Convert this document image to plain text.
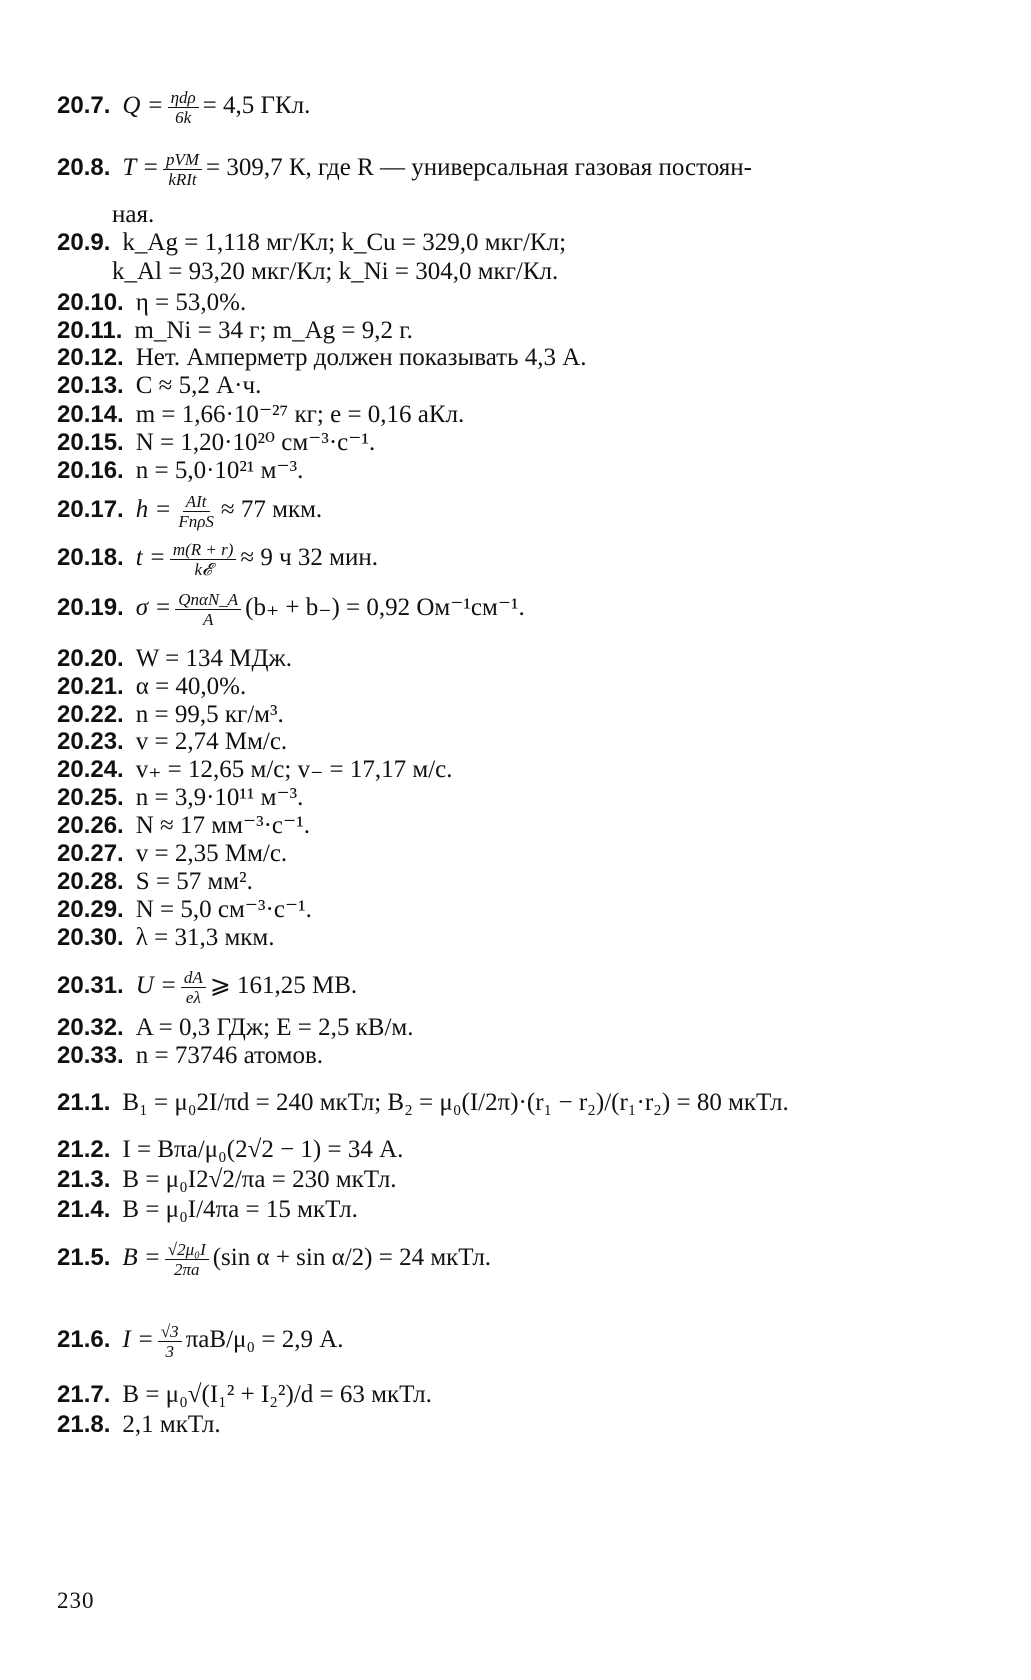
20.7. $Q = \frac{\text{ηdρ}}{6k} = 4,5$ ГКл.
20.8. $T = \frac{\text{pVM}}{\text{kRIt}} = 309,7$ К, где R — универсальная газовая постоян-
ная.
20.9. k_Ag = 1,118 мг/Кл; k_Cu = 329,0 мкг/Кл;
k_Al = 93,20 мкг/Кл; k_Ni = 304,0 мкг/Кл.
20.10. η = 53,0%.
20.11. m_Ni = 34 г; m_Ag = 9,2 г.
20.12. Нет. Амперметр должен показывать 4,3 А.
20.13. C ≈ 5,2 А·ч.
20.14. m = 1,66·10⁻²⁷ кг; e = 0,16 аКл.
20.15. N = 1,20·10²⁰ см⁻³·с⁻¹.
20.16. n = 5,0·10²¹ м⁻³.
20.17. $h = \frac{\text{AIt}}{\text{FnρS}} \approx 77$ мкм.
20.18. $t = \frac{m(R + r)}{\text{k𝓔}} \approx 9$ ч 32 мин.
20.19. $\sigma = \frac{\text{QnαN\_A}}{A} (b_+ + b_-) = 0,92$ Ом⁻¹см⁻¹.
20.20. W = 134 МДж.
20.21. α = 40,0%.
20.22. n = 99,5 кг/м³.
20.23. v = 2,74 Мм/с.
20.24. v₊ = 12,65 м/с; v₋ = 17,17 м/с.
20.25. n = 3,9·10¹¹ м⁻³.
20.26. N ≈ 17 мм⁻³·с⁻¹.
20.27. v = 2,35 Мм/с.
20.28. S = 57 мм².
20.29. N = 5,0 см⁻³·с⁻¹.
20.30. λ = 31,3 мкм.
20.31. $U = \frac{dA}{e\lambda}$ ⩾ 161,25 МВ.
20.32. A = 0,3 ГДж; E = 2,5 кВ/м.
20.33. n = 73746 атомов.
21.1. B₁ = μ₀2I/πd = 240 мкТл; B₂ = μ₀(I/2π)·(r₁ − r₂)/(r₁·r₂) = 80 мкТл.
21.2. I = Bπa/μ₀(2√2 − 1) = 34 А.
21.3. B = μ₀I2√2/πa = 230 мкТл.
21.4. B = μ₀I/4πa = 15 мкТл.
21.5. $B = \frac{\text{√2μ₀I}}{2\pi a} (\sin$ α + sin α/2) = 24 мкТл.
21.6. $I = \frac{√3}{3} \pi aB/\mu_0 = 2,9$ А.
21.7. B = μ₀√(I₁² + I₂²)/d = 63 мкТл.
21.8. 2,1 мкТл.
230
